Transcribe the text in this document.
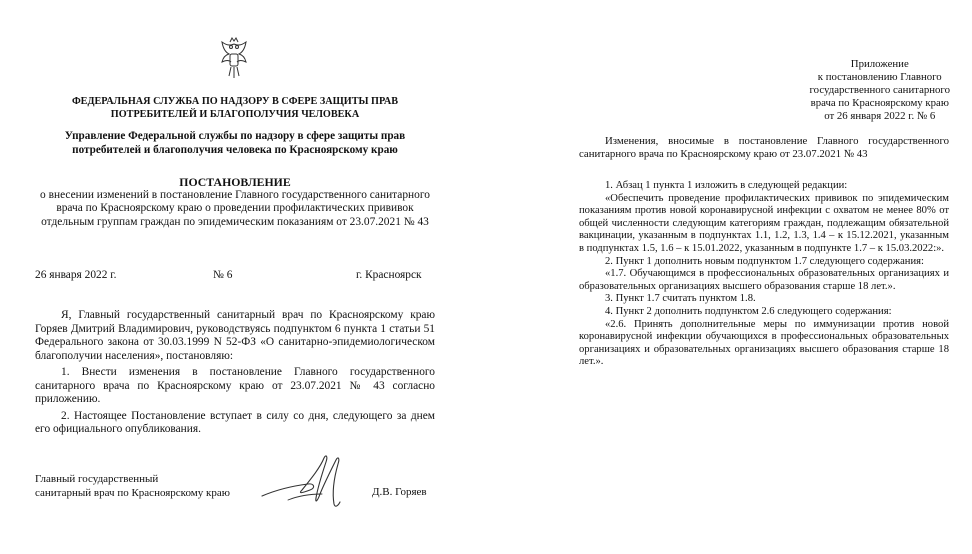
ФЕДЕРАЛЬНАЯ СЛУЖБА ПО НАДЗОРУ В СФЕРЕ ЗАЩИТЫ ПРАВ ПОТРЕБИТЕЛЕЙ И БЛАГОПОЛУЧИЯ ЧЕЛОВЕКА
Управление Федеральной службы по надзору в сфере защиты прав потребителей и благополучия человека по Красноярскому краю
ПОСТАНОВЛЕНИЕ
о внесении изменений в постановление Главного государственного санитарного врача по Красноярскому краю о проведении профилактических прививок отдельным группам граждан по эпидемическим показаниям от 23.07.2021 № 43
26 января 2022 г.	№ 6	г. Красноярск

Я, Главный государственный санитарный врач по Красноярскому краю Горяев Дмитрий Владимирович, руководствуясь подпунктом 6 пункта 1 статьи 51 Федерального закона от 30.03.1999 N 52-ФЗ «О санитарно-эпидемиологическом благополучии населения», постановляю:

1. Внести изменения в постановление Главного государственного санитарного врача по Красноярскому краю от 23.07.2021 № 43 согласно приложению.

2. Настоящее Постановление вступает в силу со дня, следующего за днем его официального опубликования.

Главный государственный
санитарный врач по Красноярскому краю	Д.В. Горяев
Приложение
к постановлению Главного
государственного санитарного
врача по Красноярскому краю
от 26 января 2022 г. № 6
Изменения, вносимые в постановление Главного государственного санитарного врача по Красноярскому краю от 23.07.2021 № 43

1. Абзац 1 пункта 1 изложить в следующей редакции:

«Обеспечить проведение профилактических прививок по эпидемическим показаниям против новой коронавирусной инфекции с охватом не менее 80% от общей численности следующим категориям граждан, подлежащим обязательной вакцинации, указанным в подпунктах 1.1, 1.2, 1.3, 1.4 – к 15.12.2021, указанным в подпунктах 1.5, 1.6 – к 15.01.2022, указанным в подпункте 1.7 – к 15.03.2022:».

2. Пункт 1 дополнить новым подпунктом 1.7 следующего содержания:

«1.7. Обучающимся в профессиональных образовательных организациях и образовательных организациях высшего образования старше 18 лет.».

3. Пункт 1.7 считать пунктом 1.8.

4. Пункт 2 дополнить подпунктом 2.6 следующего содержания:

«2.6. Принять дополнительные меры по иммунизации против новой коронавирусной инфекции обучающихся в профессиональных образовательных организациях и образовательных организациях высшего образования старше 18 лет.».
